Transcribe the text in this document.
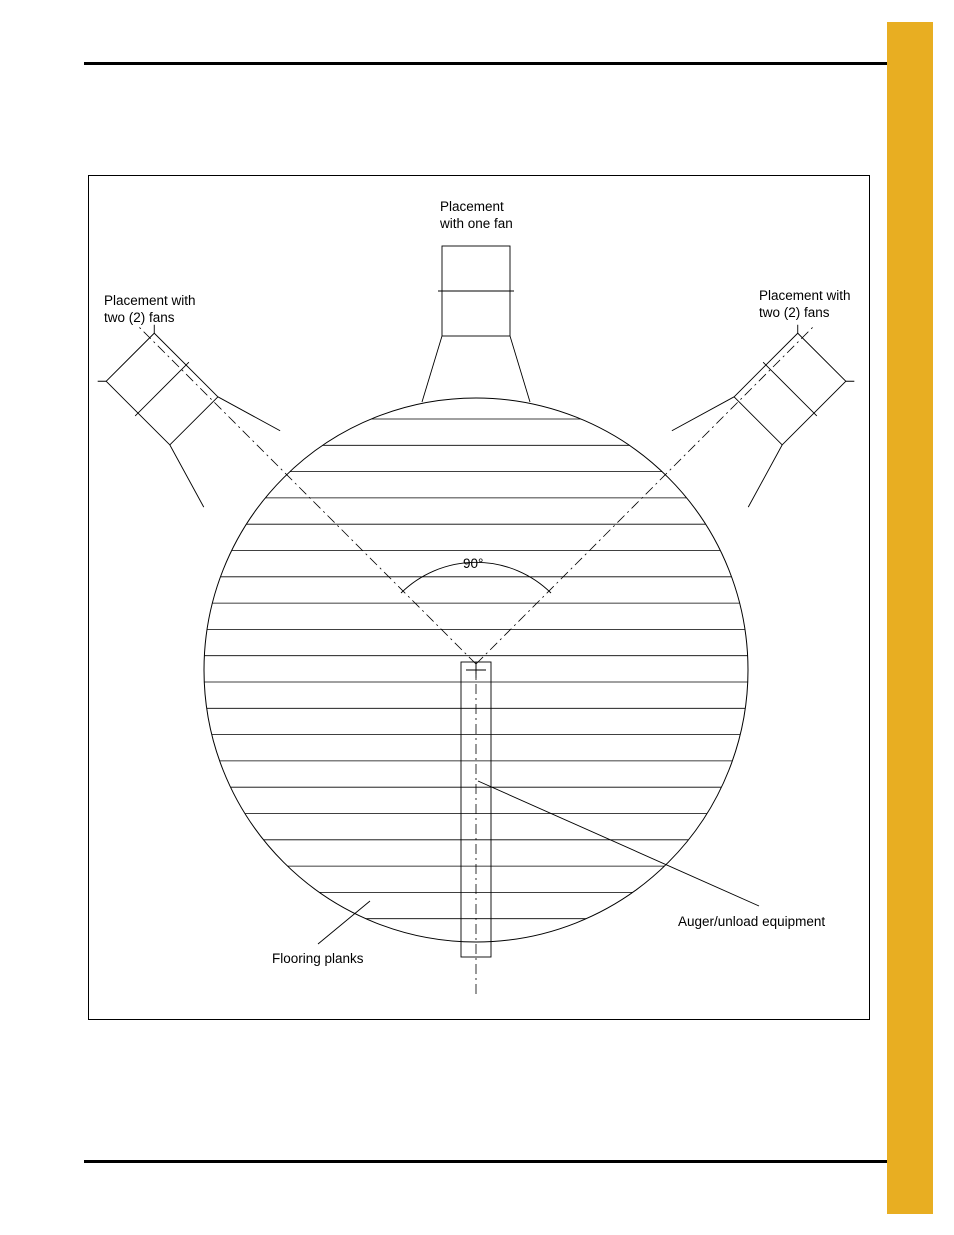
Placement
with one fan
Placement with
two (2) fans
Placement with
two (2) fans
90°
Auger/unload equipment
Flooring planks
